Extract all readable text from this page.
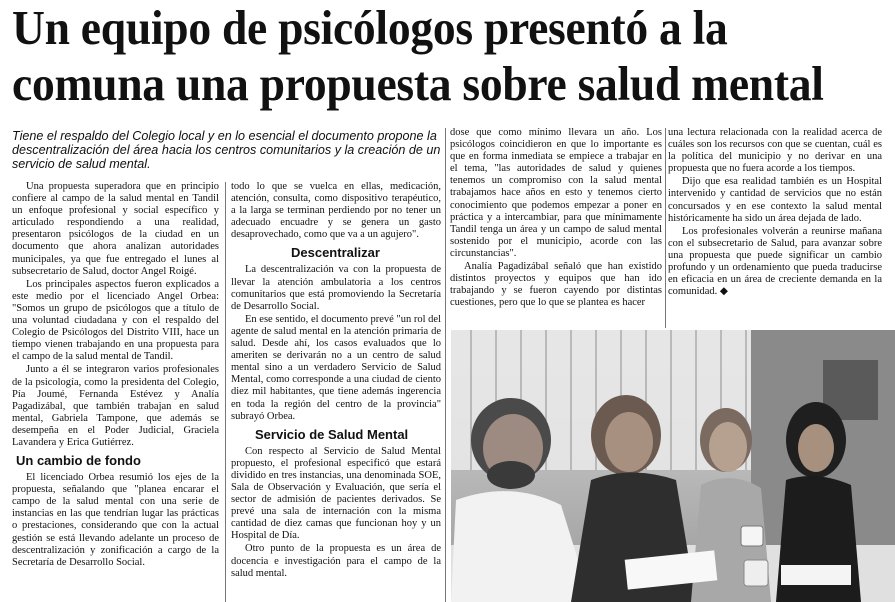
Un equipo de psicólogos presentó a la
comuna una propuesta sobre salud mental

Tiene el respaldo del Colegio local y en lo esencial el documento propone la descentralización del área hacia los centros comunitarios y la creación de un servicio de salud mental.

Una propuesta superadora que en principio confiere al campo de la salud mental en Tandil un enfoque profesional y social específico y articulado respondiendo a una realidad, presentaron psicólogos de la ciudad en un documento que ahora analizan autoridades municipales, ya que fue entregado el lunes al subsecretario de Salud, doctor Angel Roigé.

Los principales aspectos fueron explicados a este medio por el licenciado Angel Orbea: "Somos un grupo de psicólogos que a título de una voluntad ciudadana y con el respaldo del Colegio de Psicólogos del Distrito VIII, hace un tiempo vienen trabajando en una propuesta para el campo de la salud mental de Tandil.

Junto a él se integraron varios profesionales de la psicología, como la presidenta del Colegio, Pía Joumé, Fernanda Estévez y Analía Pagadizábal, que también trabajan en salud mental, Gabriela Tampone, que además se desempeña en el Poder Judicial, Graciela Lavandera y Erica Gutiérrez.

Un cambio de fondo

El licenciado Orbea resumió los ejes de la propuesta, señalando que "planea encarar el campo de la salud mental con una serie de instancias en las que tendrían lugar las prácticas o prestaciones, considerando que con la actual gestión se está llevando adelante un proceso de descentralización y zonificación a cargo de la Secretaría de Desarrollo Social.

todo lo que se vuelca en ellas, medicación, atención, consulta, como dispositivo terapéutico, a la larga se terminan perdiendo por no tener un adecuado encuadre y se genera un gasto desaprovechado, como que va a un agujero".

Descentralizar

La descentralización va con la propuesta de llevar la atención ambulatoria a los centros comunitarios que está promoviendo la Secretaría de Desarrollo Social.

En ese sentido, el documento prevé "un rol del agente de salud mental en la atención primaria de salud. Desde ahí, los casos evaluados que lo ameriten se derivarán no a un centro de salud mental sino a un verdadero Servicio de Salud Mental, como corresponde a una ciudad de ciento diez mil habitantes, que tiene además ingerencia en toda la región del centro de la provincia" subrayó Orbea.

Servicio de Salud Mental

Con respecto al Servicio de Salud Mental propuesto, el profesional especificó que estará dividido en tres instancias, una denominada SOE, Sala de Observación y Evaluación, que sería el sector de admisión de pacientes derivados. Se prevé una sala de internación con la misma cantidad de diez camas que funcionan hoy y un Hospital de Día.

Otro punto de la propuesta es un área de docencia e investigación para el campo de la salud mental.

dose que como mínimo llevara un año. Los psicólogos coincidieron en que lo importante es que en forma inmediata se empiece a trabajar en el tema, "las autoridades de salud y quienes tenemos un compromiso con la salud mental trabajamos hace años en esto y tenemos cierto conocimiento que podemos empezar a poner en práctica y a intercambiar, para que mínimamente Tandil tenga un área y un campo de salud mental sostenido por el municipio, acorde con las circunstancias".

Analía Pagadizábal señaló que han existido distintos proyectos y equipos que han ido trabajando y se fueron cayendo por distintas cuestiones, pero que lo que se plantea es hacer

una lectura relacionada con la realidad acerca de cuáles son los recursos con que se cuentan, cuál es la política del municipio y no derivar en una propuesta que no fuera acorde a los tiempos.

Dijo que esa realidad también es un Hospital intervenido y cantidad de servicios que no están concursados y en ese contexto la salud mental históricamente ha sido un área dejada de lado.

Los profesionales volverán a reunirse mañana con el subsecretario de Salud, para avanzar sobre una propuesta que puede significar un cambio profundo y un ordenamiento que pueda traducirse en eficacia en un área de creciente demanda en la comunidad. ◆
